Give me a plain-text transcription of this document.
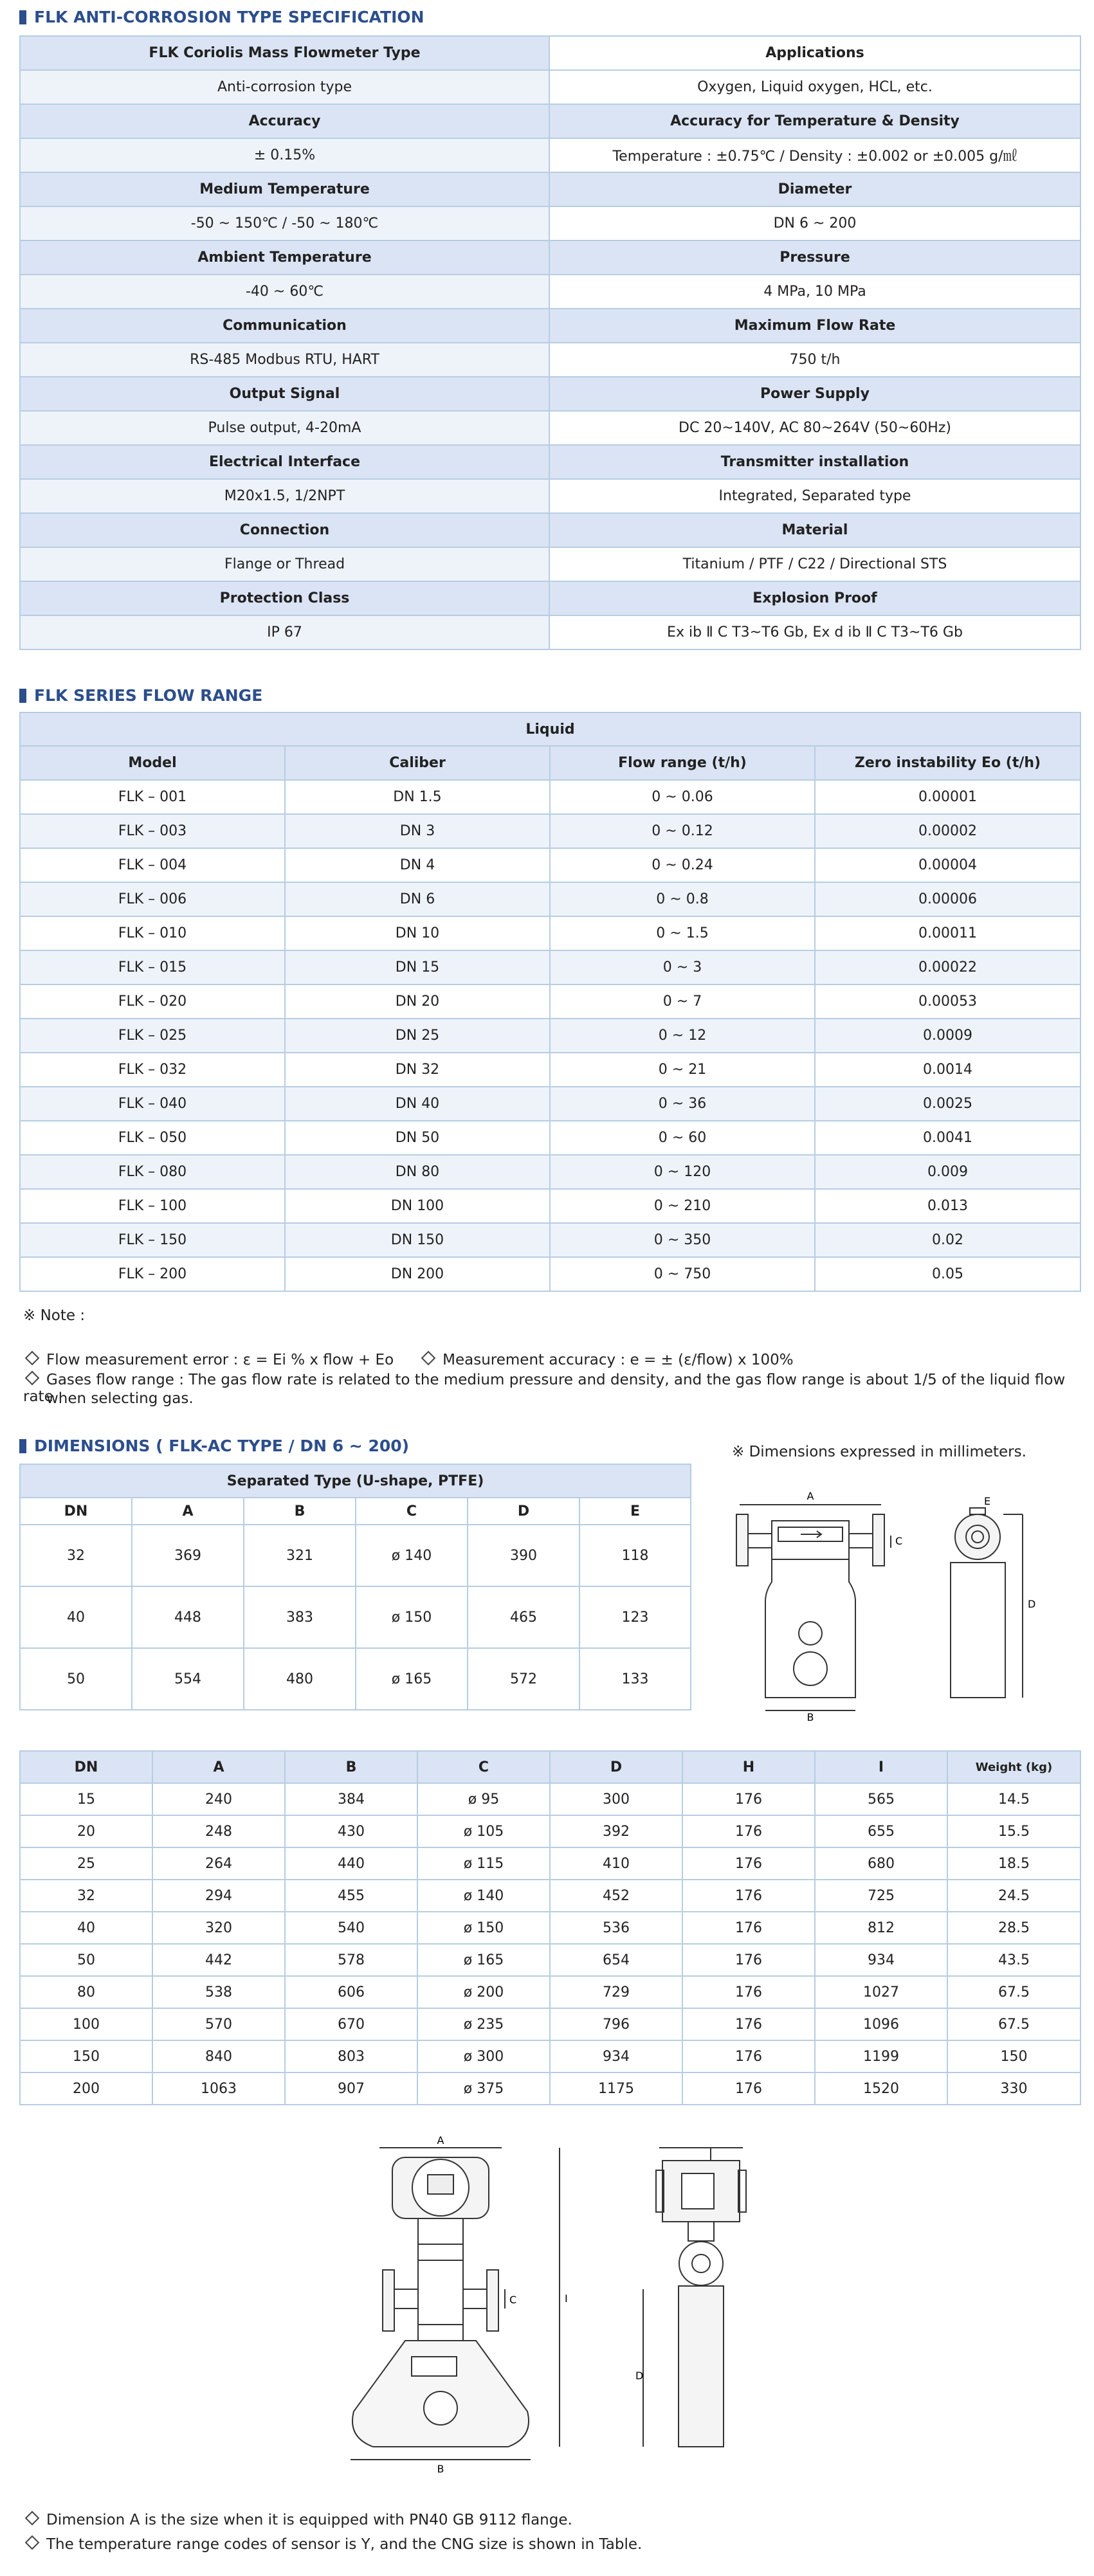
FLK ANTI-CORROSION TYPE SPECIFICATION
FLK Coriolis Mass Flowmeter Type	Applications
Anti-corrosion type	Oxygen, Liquid oxygen, HCL, etc.
Accuracy	Accuracy for Temperature & Density
± 0.15%	Temperature : ±0.75℃ / Density : ±0.002 or ±0.005 g/㎖
Medium Temperature	Diameter
-50 ~ 150℃ / -50 ~ 180℃	DN 6 ~ 200
Ambient Temperature	Pressure
-40 ~ 60℃	4 MPa, 10 MPa
Communication	Maximum Flow Rate
RS-485 Modbus RTU, HART	750 t/h
Output Signal	Power Supply
Pulse output, 4-20mA	DC 20~140V, AC 80~264V (50~60Hz)
Electrical Interface	Transmitter installation
M20x1.5, 1/2NPT	Integrated, Separated type
Connection	Material
Flange or Thread	Titanium / PTF / C22 / Directional STS
Protection Class	Explosion Proof
IP 67	Ex ib Ⅱ C T3~T6 Gb, Ex d ib Ⅱ C T3~T6 Gb
FLK SERIES FLOW RANGE
Liquid			
Model	Caliber	Flow range (t/h)	Zero instability Eo (t/h)
FLK – 001	DN 1.5	0 ~ 0.06	0.00001
FLK – 003	DN 3	0 ~ 0.12	0.00002
FLK – 004	DN 4	0 ~ 0.24	0.00004
FLK – 006	DN 6	0 ~ 0.8	0.00006
FLK – 010	DN 10	0 ~ 1.5	0.00011
FLK – 015	DN 15	0 ~ 3	0.00022
FLK – 020	DN 20	0 ~ 7	0.00053
FLK – 025	DN 25	0 ~ 12	0.0009
FLK – 032	DN 32	0 ~ 21	0.0014
FLK – 040	DN 40	0 ~ 36	0.0025
FLK – 050	DN 50	0 ~ 60	0.0041
FLK – 080	DN 80	0 ~ 120	0.009
FLK – 100	DN 100	0 ~ 210	0.013
FLK – 150	DN 150	0 ~ 350	0.02
FLK – 200	DN 200	0 ~ 750	0.05
※ Note :
Flow measurement error : ε = Ei % x flow + Eo	Measurement accuracy : e = ± (ε/flow) x 100%
Gases flow range : The gas flow rate is related to the medium pressure and density, and the gas flow range is about 1/5 of the liquid flow rate
when selecting gas.
DIMENSIONS ( FLK-AC TYPE / DN 6 ~ 200)	※ Dimensions expressed in millimeters.
Separated Type (U-shape, PTFE)					
DN	A	B	C	D	E
32	369	321	ø 140	390	118
40	448	383	ø 150	465	123
50	554	480	ø 165	572	133
A
B
C
D
E
DN	A	B	C	D	H	I	Weight (kg)
15	240	384	ø 95	300	176	565	14.5
20	248	430	ø 105	392	176	655	15.5
25	264	440	ø 115	410	176	680	18.5
32	294	455	ø 140	452	176	725	24.5
40	320	540	ø 150	536	176	812	28.5
50	442	578	ø 165	654	176	934	43.5
80	538	606	ø 200	729	176	1027	67.5
100	570	670	ø 235	796	176	1096	67.5
150	840	803	ø 300	934	176	1199	150
200	1063	907	ø 375	1175	176	1520	330
A
B
C	I
D
Dimension A is the size when it is equipped with PN40 GB 9112 flange.
The temperature range codes of sensor is Y, and the CNG size is shown in Table.
